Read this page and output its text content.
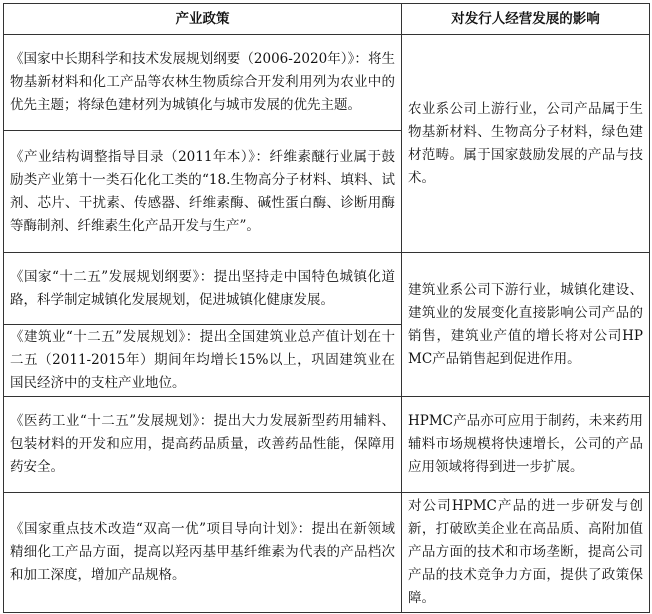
产业政策	对发行人经营发展的影响
《国家中长期科学和技术发展规划纲要（2006-2020年）》：将生物基新材料和化工产品等农林生物质综合开发利用列为农业中的优先主题；将绿色建材列为城镇化与城市发展的优先主题。	农业系公司上游行业，公司产品属于生物基新材料、生物高分子材料，绿色建材范畴。属于国家鼓励发展的产品与技术。
《产业结构调整指导目录（2011年本）》：纤维素醚行业属于鼓励类产业第十一类石化化工类的“18.生物高分子材料、填料、试剂、芯片、干扰素、传感器、纤维素酶、碱性蛋白酶、诊断用酶等酶制剂、纤维素生化产品开发与生产”。	
《国家“十二五”发展规划纲要》：提出坚持走中国特色城镇化道路，科学制定城镇化发展规划，促进城镇化健康发展。	建筑业系公司下游行业，城镇化建设、建筑业的发展变化直接影响公司产品的销售，建筑业产值的增长将对公司HPMC产品销售起到促进作用。
《建筑业“十二五”发展规划》：提出全国建筑业总产值计划在十二五（2011-2015年）期间年均增长15%以上，巩固建筑业在国民经济中的支柱产业地位。	
《医药工业“十二五”发展规划》：提出大力发展新型药用辅料、包装材料的开发和应用，提高药品质量，改善药品性能，保障用药安全。	HPMC产品亦可应用于制药，未来药用辅料市场规模将快速增长，公司的产品应用领域将得到进一步扩展。
《国家重点技术改造“双高一优”项目导向计划》：提出在新领域精细化工产品方面，提高以羟丙基甲基纤维素为代表的产品档次和加工深度，增加产品规格。	对公司HPMC产品的进一步研发与创新，打破欧美企业在高品质、高附加值产品方面的技术和市场垄断，提高公司产品的技术竞争力方面，提供了政策保障。
